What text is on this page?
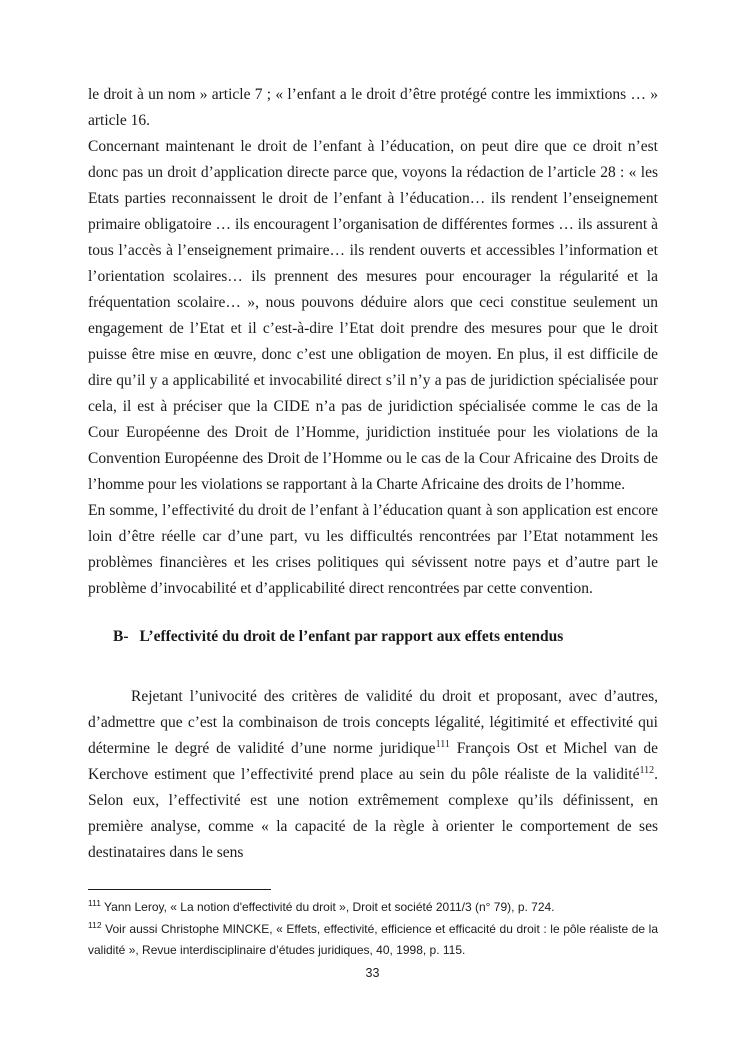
le droit à un nom » article 7 ; « l’enfant a le droit d’être protégé contre les immixtions … » article 16.

Concernant maintenant le droit de l’enfant à l’éducation, on peut dire que ce droit n’est donc pas un droit d’application directe parce que, voyons la rédaction de l’article 28 : « les Etats parties reconnaissent le droit de l’enfant à l’éducation… ils rendent l’enseignement primaire obligatoire … ils encouragent l’organisation de différentes formes … ils assurent à tous l’accès à l’enseignement primaire… ils rendent ouverts et accessibles l’information et l’orientation scolaires… ils prennent des mesures pour encourager la régularité et la fréquentation scolaire… », nous pouvons déduire alors que ceci constitue seulement un engagement de l’Etat et il c’est-à-dire l’Etat doit prendre des mesures pour que le droit puisse être mise en œuvre, donc c’est une obligation de moyen. En plus, il est difficile de dire qu’il y a applicabilité et invocabilité direct s’il n’y a pas de juridiction spécialisée pour cela, il est à préciser que la CIDE n’a pas de juridiction spécialisée comme le cas de la Cour Européenne des Droit de l’Homme, juridiction instituée pour les violations de la Convention Européenne des Droit de l’Homme ou le cas de la Cour Africaine des Droits de l’homme pour les violations se rapportant à la Charte Africaine des droits de l’homme.

En somme, l’effectivité du droit de l’enfant à l’éducation quant à son application est encore loin d’être réelle car d’une part, vu les difficultés rencontrées par l’Etat notamment les problèmes financières et les crises politiques qui sévissent notre pays et d’autre part le problème d’invocabilité et d’applicabilité direct rencontrées par cette convention.

B- L’effectivité du droit de l’enfant par rapport aux effets entendus

Rejetant l’univocité des critères de validité du droit et proposant, avec d’autres, d’admettre que c’est la combinaison de trois concepts légalité, légitimité et effectivité qui détermine le degré de validité d’une norme juridique$^{111}$ François Ost et Michel van de Kerchove estiment que l’effectivité prend place au sein du pôle réaliste de la validité$^{112}$. Selon eux, l’effectivité est une notion extrêmement complexe qu’ils définissent, en première analyse, comme « la capacité de la règle à orienter le comportement de ses destinataires dans le sens

$^{111}$ Yann Leroy, « La notion d'effectivité du droit », Droit et société 2011/3 (n° 79), p. 724.

$^{112}$ Voir aussi Christophe MINCKE, « Effets, effectivité, efficience et efficacité du droit : le pôle réaliste de la validité », Revue interdisciplinaire d’études juridiques, 40, 1998, p. 115.

33
